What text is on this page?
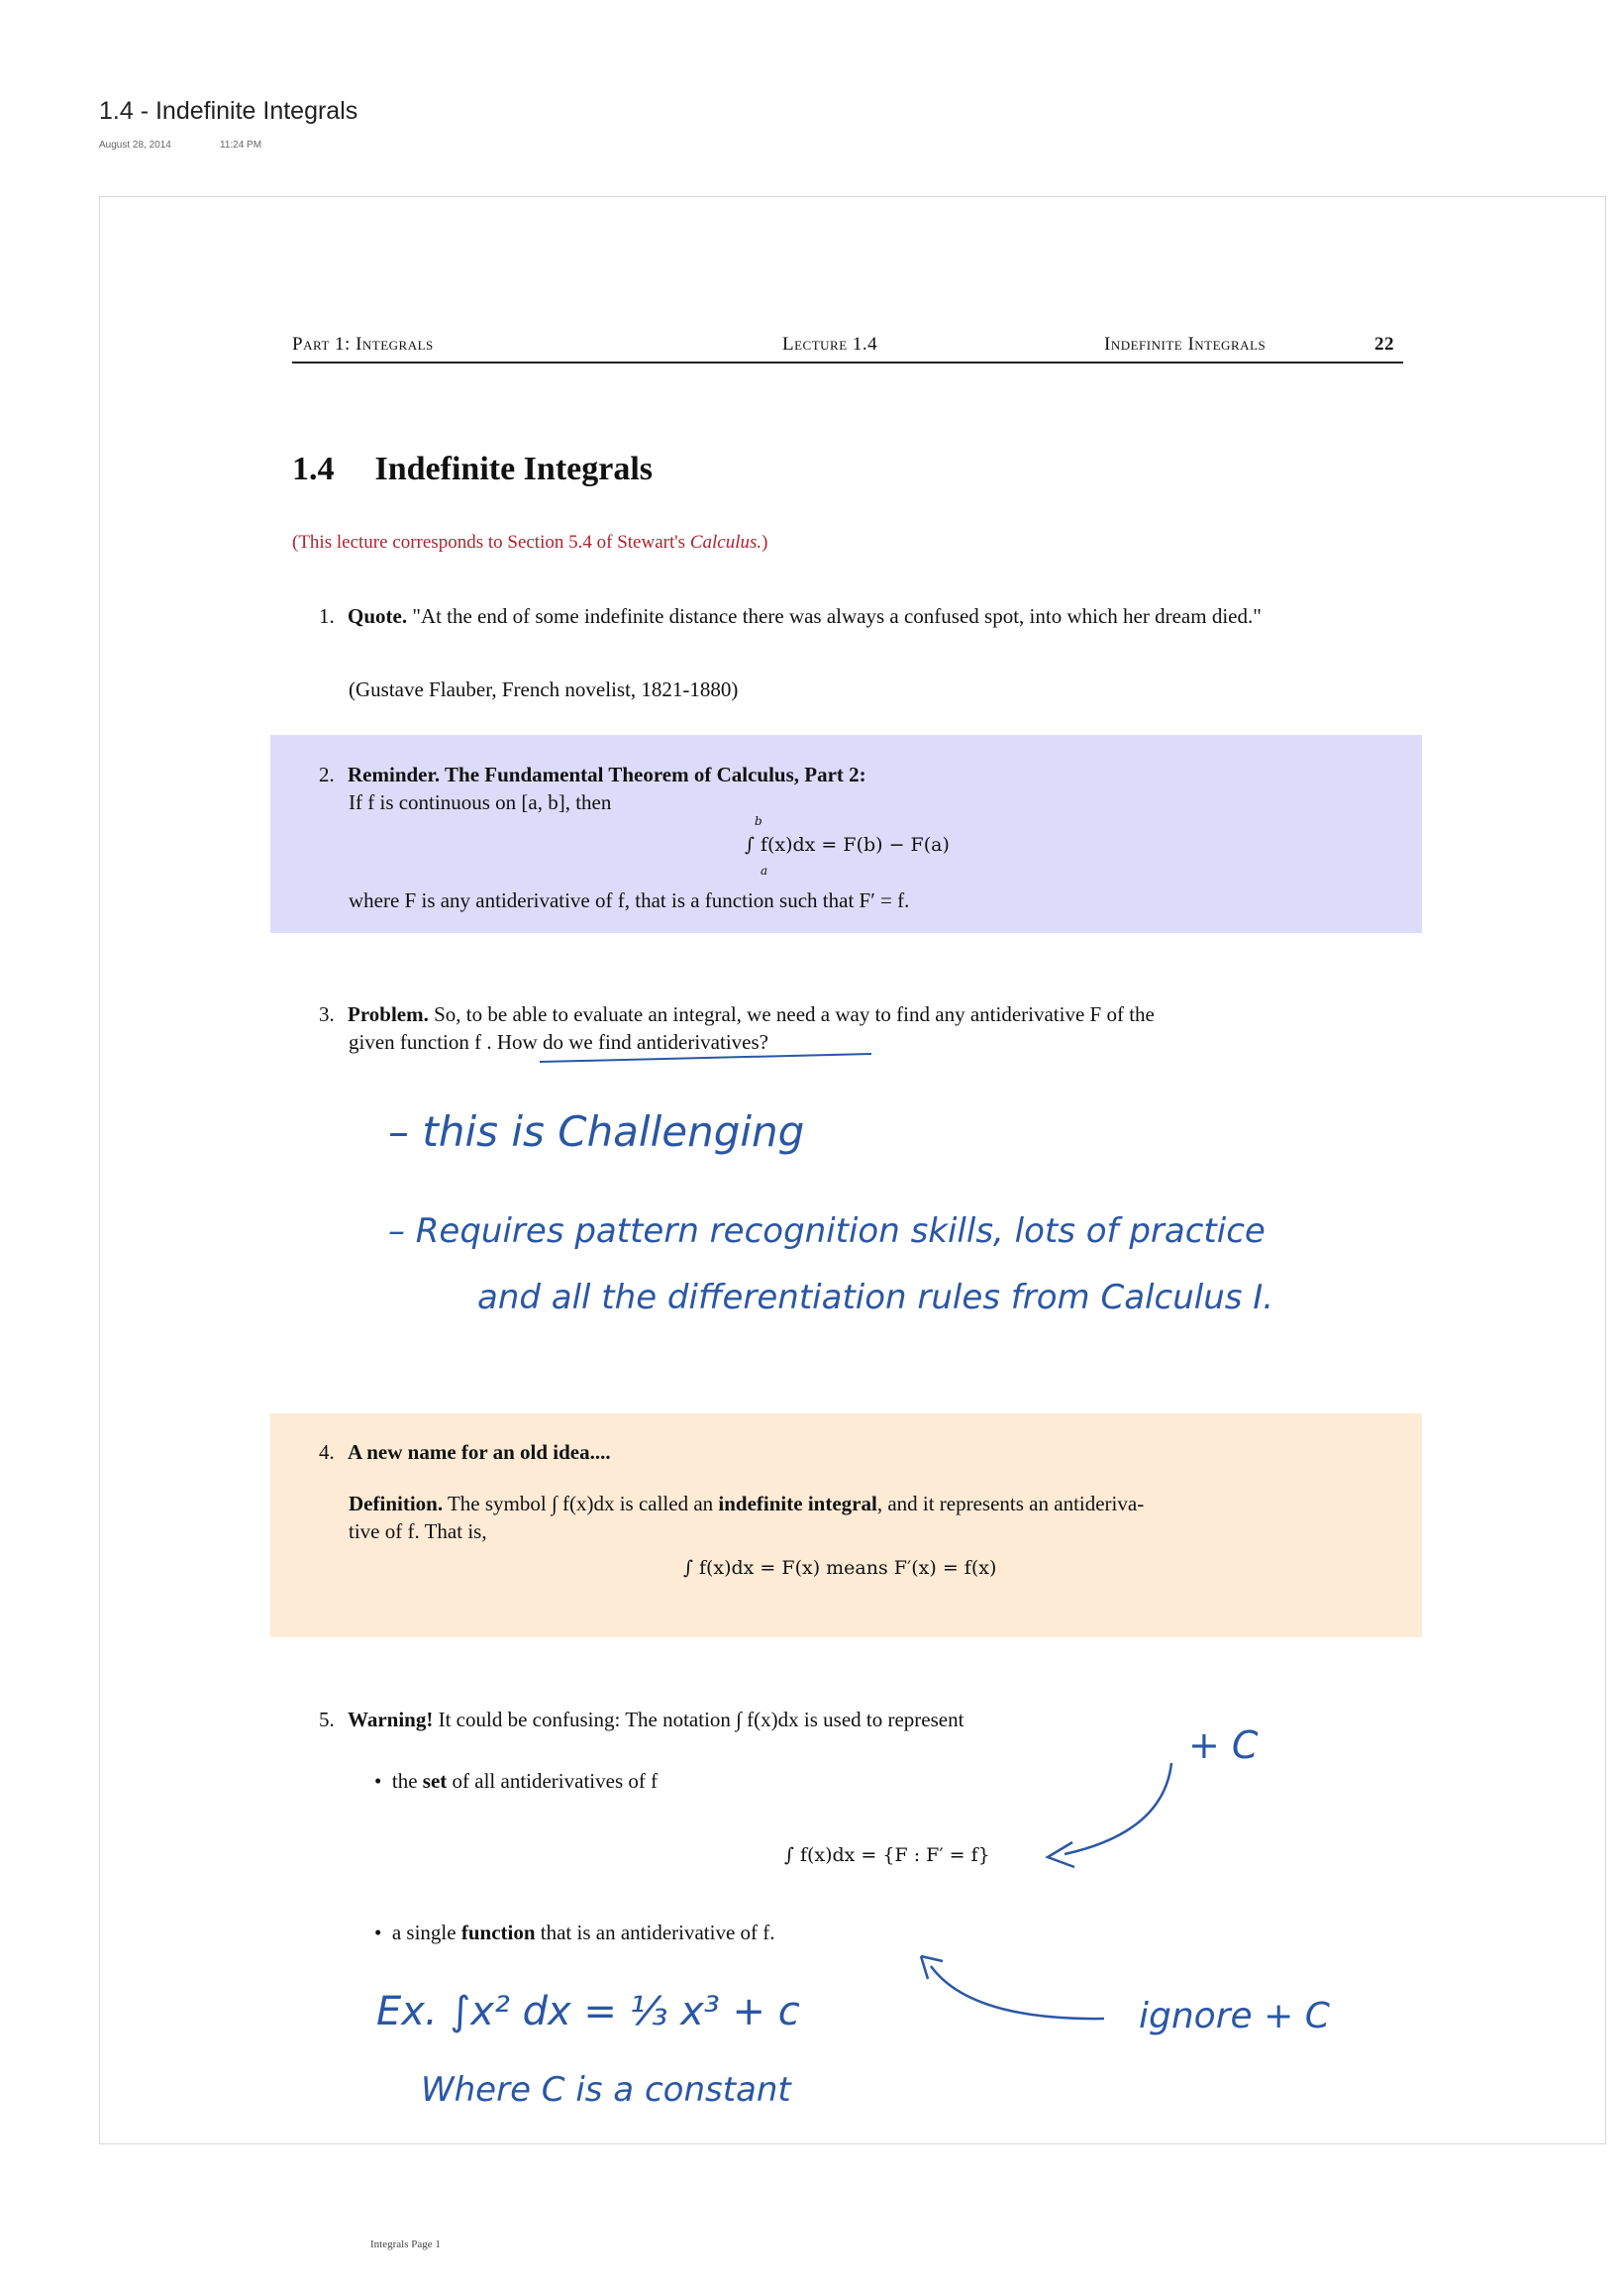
1.4 - Indefinite Integrals
August 28, 2014	11:24 PM
Part 1: Integrals	Lecture 1.4	Indefinite Integrals	22
1.4 Indefinite Integrals
(This lecture corresponds to Section 5.4 of Stewart's Calculus.)
1. Quote. "At the end of some indefinite distance there was always a confused spot, into which her dream died."
(Gustave Flauber, French novelist, 1821-1880)
2. Reminder. The Fundamental Theorem of Calculus, Part 2:
If f is continuous on [a, b], then
∫ f(x)dx = F(b) − F(a)
b
a
where F is any antiderivative of f, that is a function such that F′ = f.
3. Problem. So, to be able to evaluate an integral, we need a way to find any antiderivative F of the
given function f . How do we find antiderivatives?
– this is Challenging
– Requires pattern recognition skills, lots of practice
and all the differentiation rules from Calculus I.
4. A new name for an old idea....
Definition. The symbol ∫ f(x)dx is called an indefinite integral, and it represents an antideriva-
tive of f. That is,
∫ f(x)dx = F(x) means F′(x) = f(x)
5. Warning! It could be confusing: The notation ∫ f(x)dx is used to represent
•  the set of all antiderivatives of f
∫ f(x)dx = {F : F′ = f}
•  a single function that is an antiderivative of f.
+ C
Ex. ∫x² dx = ⅓ x³ + c	ignore + C
Where C is a constant
Integrals Page 1
